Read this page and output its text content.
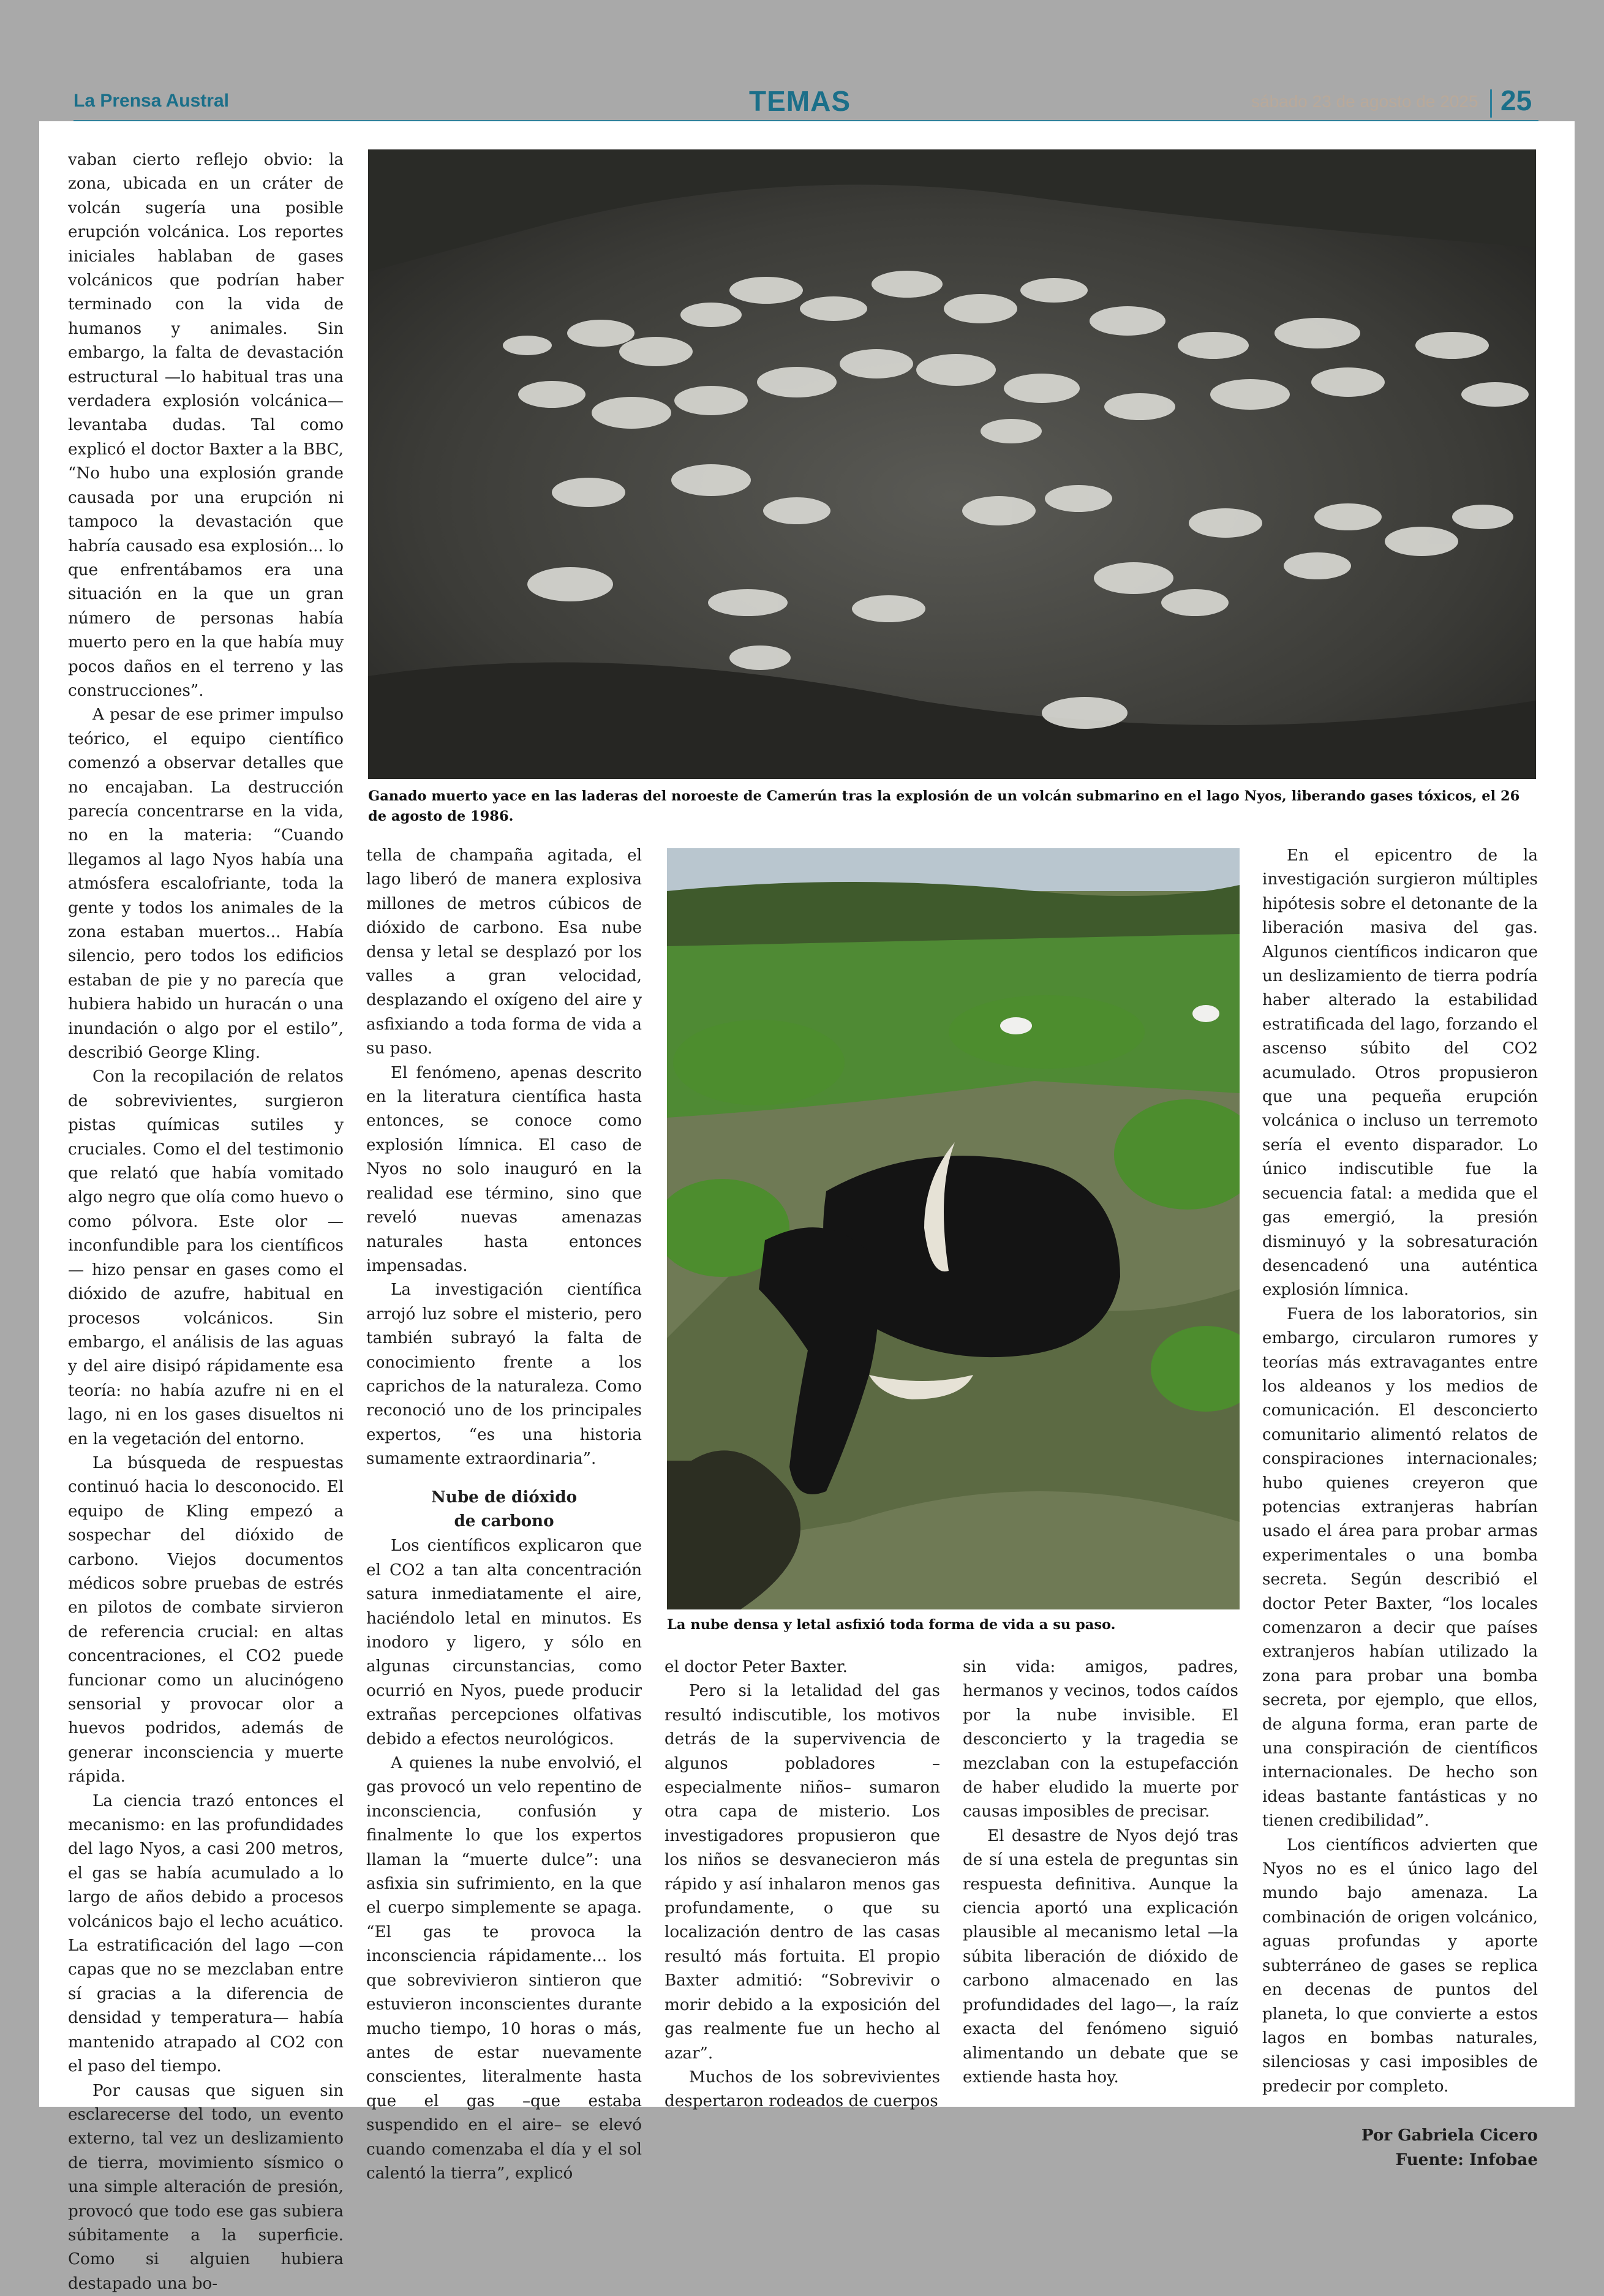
La Prensa Austral	TEMAS	sábado 23 de agosto de 2025 25
Ganado muerto yace en las laderas del noroeste de Camerún tras la explosión de un volcán submarino en el lago Nyos, liberando gases tóxicos, el 26 de agosto de 1986.
La nube densa y letal asfixió toda forma de vida a su paso.

vaban cierto reflejo obvio: la zona, ubicada en un cráter de volcán sugería una posible erupción volcánica. Los reportes iniciales hablaban de gases volcánicos que podrían haber terminado con la vida de humanos y animales. Sin embargo, la falta de devastación estructural —lo habitual tras una verdadera explosión volcánica— levantaba dudas. Tal como explicó el doctor Baxter a la BBC, “No hubo una explosión grande causada por una erupción ni tampoco la devastación que habría causado esa explosión... lo que enfrentábamos era una situación en la que un gran número de personas había muerto pero en la que había muy pocos daños en el terreno y las construcciones”.

A pesar de ese primer impulso teórico, el equipo científico comenzó a observar detalles que no encajaban. La destrucción parecía concentrarse en la vida, no en la materia: “Cuando llegamos al lago Nyos había una atmósfera escalofriante, toda la gente y todos los animales de la zona estaban muertos... Había silencio, pero todos los edificios estaban de pie y no parecía que hubiera habido un huracán o una inundación o algo por el estilo”, describió George Kling.

Con la recopilación de relatos de sobrevivientes, surgieron pistas químicas sutiles y cruciales. Como el del testimonio que relató que había vomitado algo negro que olía como huevo o como pólvora. Este olor —inconfundible para los científicos— hizo pensar en gases como el dióxido de azufre, habitual en procesos volcánicos. Sin embargo, el análisis de las aguas y del aire disipó rápidamente esa teoría: no había azufre ni en el lago, ni en los gases disueltos ni en la vegetación del entorno.

La búsqueda de respuestas continuó hacia lo desconocido. El equipo de Kling empezó a sospechar del dióxido de carbono. Viejos documentos médicos sobre pruebas de estrés en pilotos de combate sirvieron de referencia crucial: en altas concentraciones, el CO2 puede funcionar como un alucinógeno sensorial y provocar olor a huevos podridos, además de generar inconsciencia y muerte rápida.

La ciencia trazó entonces el mecanismo: en las profundidades del lago Nyos, a casi 200 metros, el gas se había acumulado a lo largo de años debido a procesos volcánicos bajo el lecho acuático. La estratificación del lago —con capas que no se mezclaban entre sí gracias a la diferencia de densidad y temperatura— había mantenido atrapado al CO2 con el paso del tiempo.

Por causas que siguen sin esclarecerse del todo, un evento externo, tal vez un deslizamiento de tierra, movimiento sísmico o una simple alteración de presión, provocó que todo ese gas subiera súbitamente a la superficie. Como si alguien hubiera destapado una bo-

tella de champaña agitada, el lago liberó de manera explosiva millones de metros cúbicos de dióxido de carbono. Esa nube densa y letal se desplazó por los valles a gran velocidad, desplazando el oxígeno del aire y asfixiando a toda forma de vida a su paso.

El fenómeno, apenas descrito en la literatura científica hasta entonces, se conoce como explosión límnica. El caso de Nyos no solo inauguró en la realidad ese término, sino que reveló nuevas amenazas naturales hasta entonces impensadas.

La investigación científica arrojó luz sobre el misterio, pero también subrayó la falta de conocimiento frente a los caprichos de la naturaleza. Como reconoció uno de los principales expertos, “es una historia sumamente extraordinaria”.

Nube de dióxido
de carbono

Los científicos explicaron que el CO2 a tan alta concentración satura inmediatamente el aire, haciéndolo letal en minutos. Es inodoro y ligero, y sólo en algunas circunstancias, como ocurrió en Nyos, puede producir extrañas percepciones olfativas debido a efectos neurológicos.

A quienes la nube envolvió, el gas provocó un velo repentino de inconsciencia, confusión y finalmente lo que los expertos llaman la “muerte dulce”: una asfixia sin sufrimiento, en la que el cuerpo simplemente se apaga. “El gas te provoca la inconsciencia rápidamente... los que sobrevivieron sintieron que estuvieron inconscientes durante mucho tiempo, 10 horas o más, antes de estar nuevamente conscientes, literalmente hasta que el gas –que estaba suspendido en el aire– se elevó cuando comenzaba el día y el sol calentó la tierra”, explicó

el doctor Peter Baxter.

Pero si la letalidad del gas resultó indiscutible, los motivos detrás de la supervivencia de algunos pobladores –especialmente niños– sumaron otra capa de misterio. Los investigadores propusieron que los niños se desvanecieron más rápido y así inhalaron menos gas profundamente, o que su localización dentro de las casas resultó más fortuita. El propio Baxter admitió: “Sobrevivir o morir debido a la exposición del gas realmente fue un hecho al azar”.

Muchos de los sobrevivientes despertaron rodeados de cuerpos

sin vida: amigos, padres, hermanos y vecinos, todos caídos por la nube invisible. El desconcierto y la tragedia se mezclaban con la estupefacción de haber eludido la muerte por causas imposibles de precisar.

El desastre de Nyos dejó tras de sí una estela de preguntas sin respuesta definitiva. Aunque la ciencia aportó una explicación plausible al mecanismo letal —la súbita liberación de dióxido de carbono almacenado en las profundidades del lago—, la raíz exacta del fenómeno siguió alimentando un debate que se extiende hasta hoy.

En el epicentro de la investigación surgieron múltiples hipótesis sobre el detonante de la liberación masiva del gas. Algunos científicos indicaron que un deslizamiento de tierra podría haber alterado la estabilidad estratificada del lago, forzando el ascenso súbito del CO2 acumulado. Otros propusieron que una pequeña erupción volcánica o incluso un terremoto sería el evento disparador. Lo único indiscutible fue la secuencia fatal: a medida que el gas emergió, la presión disminuyó y la sobresaturación desencadenó una auténtica explosión límnica.

Fuera de los laboratorios, sin embargo, circularon rumores y teorías más extravagantes entre los aldeanos y los medios de comunicación. El desconcierto comunitario alimentó relatos de conspiraciones internacionales; hubo quienes creyeron que potencias extranjeras habrían usado el área para probar armas experimentales o una bomba secreta. Según describió el doctor Peter Baxter, “los locales comenzaron a decir que países extranjeros habían utilizado la zona para probar una bomba secreta, por ejemplo, que ellos, de alguna forma, eran parte de una conspiración de científicos internacionales. De hecho son ideas bastante fantásticas y no tienen credibilidad”.

Los científicos advierten que Nyos no es el único lago del mundo bajo amenaza. La combinación de origen volcánico, aguas profundas y aporte subterráneo de gases se replica en decenas de puntos del planeta, lo que convierte a estos lagos en bombas naturales, silenciosas y casi imposibles de predecir por completo.

Por Gabriela Cicero
Fuente: Infobae
